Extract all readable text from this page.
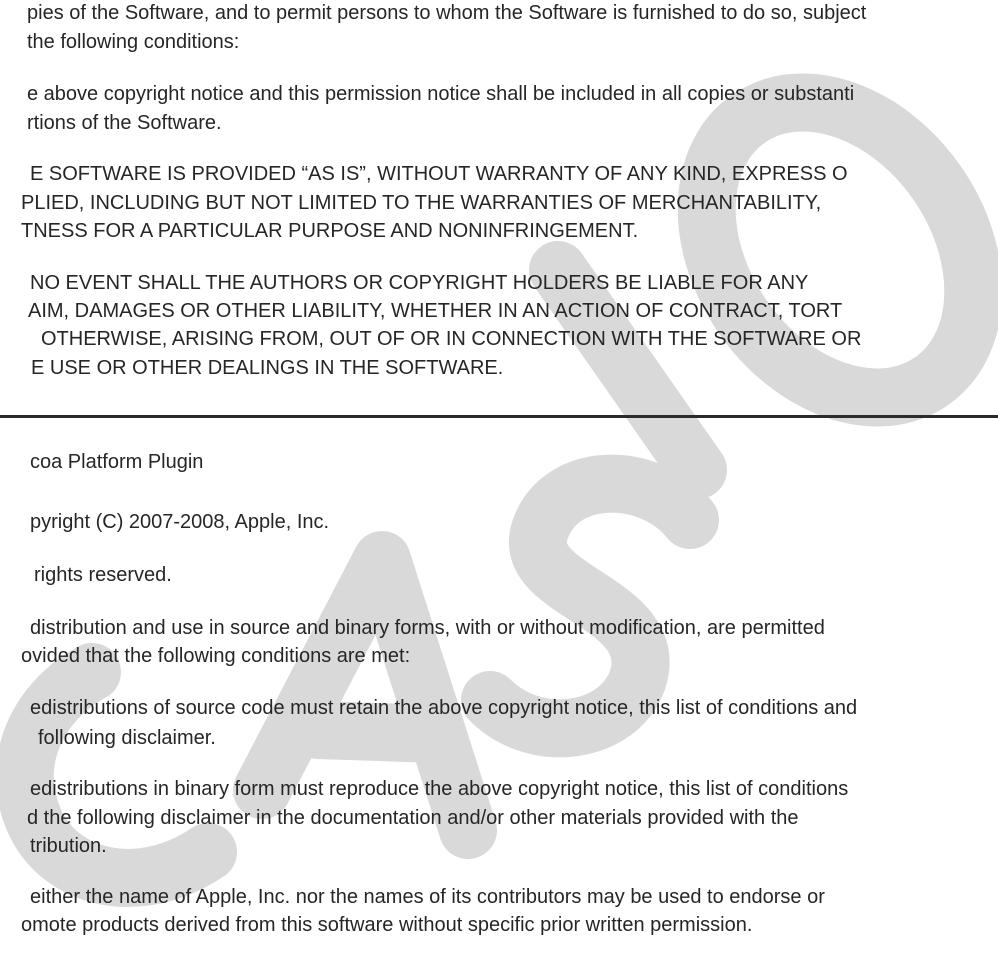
pies of the Software, and to permit persons to whom the Software is furnished to do so, subject
the following conditions:
e above copyright notice and this permission notice shall be included in all copies or substanti
rtions of the Software.
E SOFTWARE IS PROVIDED “AS IS”, WITHOUT WARRANTY OF ANY KIND, EXPRESS O
PLIED, INCLUDING BUT NOT LIMITED TO THE WARRANTIES OF MERCHANTABILITY,
TNESS FOR A PARTICULAR PURPOSE AND NONINFRINGEMENT.
NO EVENT SHALL THE AUTHORS OR COPYRIGHT HOLDERS BE LIABLE FOR ANY
AIM, DAMAGES OR OTHER LIABILITY, WHETHER IN AN ACTION OF CONTRACT, TORT
OTHERWISE, ARISING FROM, OUT OF OR IN CONNECTION WITH THE SOFTWARE OR
E USE OR OTHER DEALINGS IN THE SOFTWARE.
coa Platform Plugin
pyright (C) 2007-2008, Apple, Inc.
rights reserved.
distribution and use in source and binary forms, with or without modification, are permitted
ovided that the following conditions are met:
edistributions of source code must retain the above copyright notice, this list of conditions and
following disclaimer.
edistributions in binary form must reproduce the above copyright notice, this list of conditions
d the following disclaimer in the documentation and/or other materials provided with the
tribution.
either the name of Apple, Inc. nor the names of its contributors may be used to endorse or
omote products derived from this software without specific prior written permission.
